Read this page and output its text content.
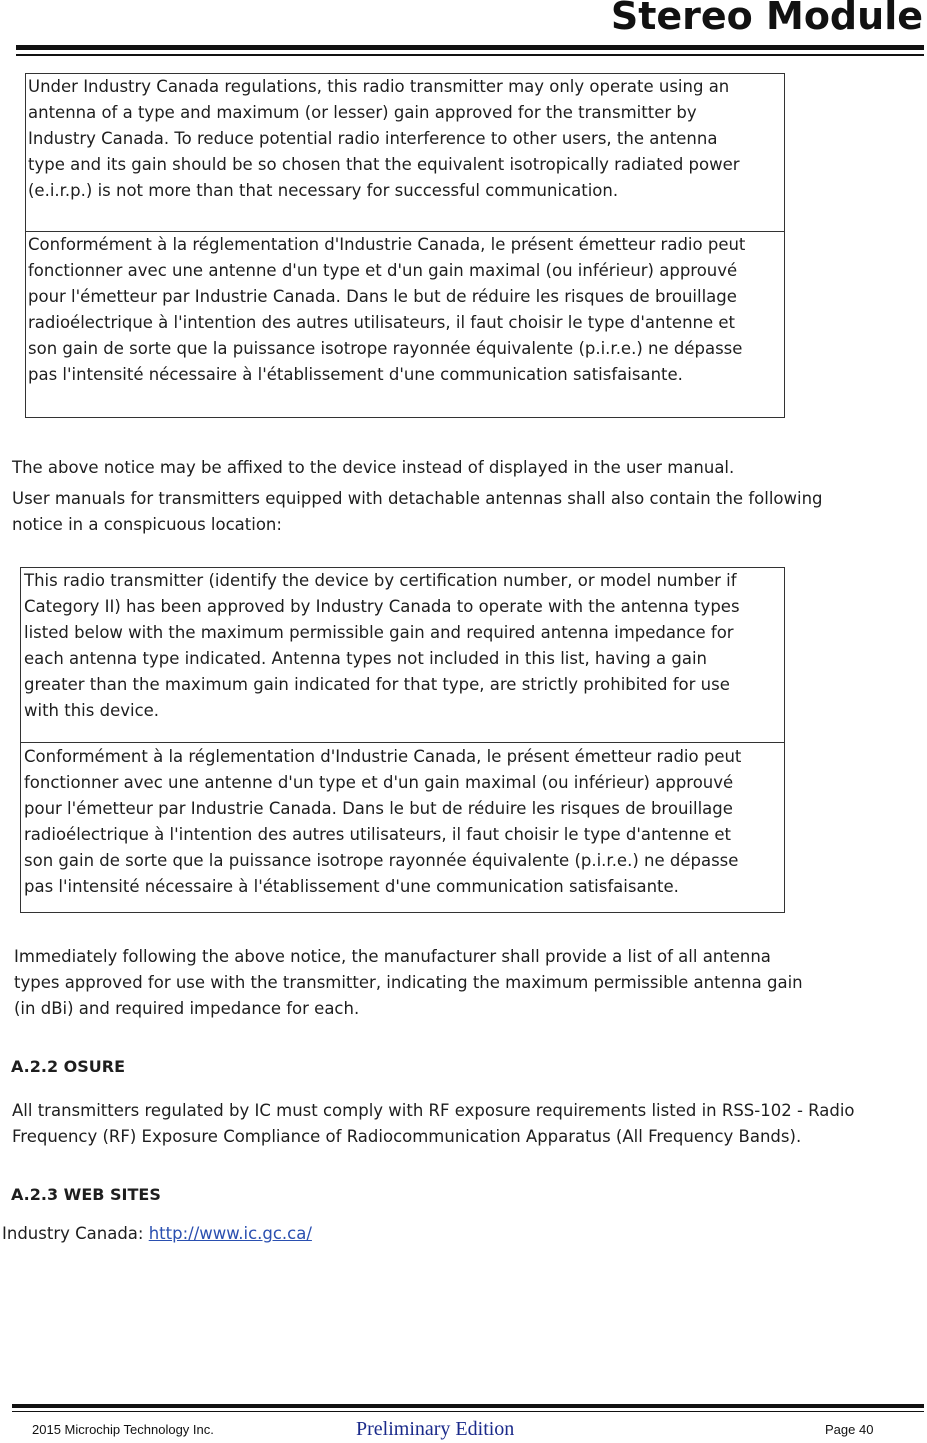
Stereo Module
Under Industry Canada regulations, this radio transmitter may only operate using an
antenna of a type and maximum (or lesser) gain approved for the transmitter by
Industry Canada. To reduce potential radio interference to other users, the antenna
type and its gain should be so chosen that the equivalent isotropically radiated power
(e.i.r.p.) is not more than that necessary for successful communication.
Conformément à la réglementation d'Industrie Canada, le présent émetteur radio peut
fonctionner avec une antenne d'un type et d'un gain maximal (ou inférieur) approuvé
pour l'émetteur par Industrie Canada. Dans le but de réduire les risques de brouillage
radioélectrique à l'intention des autres utilisateurs, il faut choisir le type d'antenne et
son gain de sorte que la puissance isotrope rayonnée équivalente (p.i.r.e.) ne dépasse
pas l'intensité nécessaire à l'établissement d'une communication satisfaisante.
The above notice may be affixed to the device instead of displayed in the user manual.
User manuals for transmitters equipped with detachable antennas shall also contain the following
notice in a conspicuous location:
This radio transmitter (identify the device by certification number, or model number if
Category II) has been approved by Industry Canada to operate with the antenna types
listed below with the maximum permissible gain and required antenna impedance for
each antenna type indicated. Antenna types not included in this list, having a gain
greater than the maximum gain indicated for that type, are strictly prohibited for use
with this device.
Conformément à la réglementation d'Industrie Canada, le présent émetteur radio peut
fonctionner avec une antenne d'un type et d'un gain maximal (ou inférieur) approuvé
pour l'émetteur par Industrie Canada. Dans le but de réduire les risques de brouillage
radioélectrique à l'intention des autres utilisateurs, il faut choisir le type d'antenne et
son gain de sorte que la puissance isotrope rayonnée équivalente (p.i.r.e.) ne dépasse
pas l'intensité nécessaire à l'établissement d'une communication satisfaisante.
Immediately following the above notice, the manufacturer shall provide a list of all antenna
types approved for use with the transmitter, indicating the maximum permissible antenna gain
(in dBi) and required impedance for each.
A.2.2 OSURE
All transmitters regulated by IC must comply with RF exposure requirements listed in RSS-102 - Radio
Frequency (RF) Exposure Compliance of Radiocommunication Apparatus (All Frequency Bands).
A.2.3 WEB SITES
Industry Canada: http://www.ic.gc.ca/
2015 Microchip Technology Inc.	Preliminary Edition	Page 40
